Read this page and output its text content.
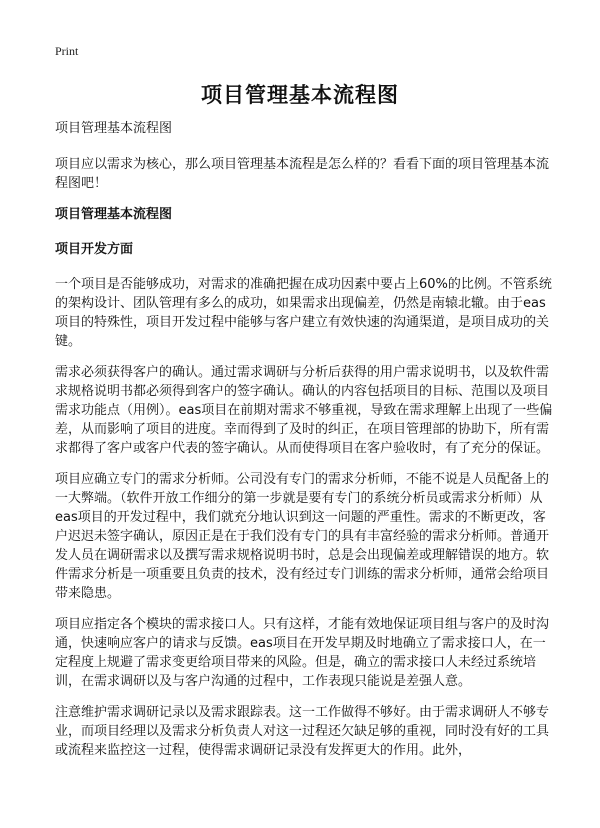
Print
项目管理基本流程图

项目管理基本流程图

项目应以需求为核心，那么项目管理基本流程是怎么样的？看看下面的项目管理基本流程图吧！

项目管理基本流程图
项目开发方面

一个项目是否能够成功，对需求的准确把握在成功因素中要占上60%的比例。不管系统的架构设计、团队管理有多么的成功，如果需求出现偏差，仍然是南辕北辙。由于eas项目的特殊性，项目开发过程中能够与客户建立有效快速的沟通渠道，是项目成功的关键。

需求必须获得客户的确认。通过需求调研与分析后获得的用户需求说明书，以及软件需求规格说明书都必须得到客户的签字确认。确认的内容包括项目的目标、范围以及项目需求功能点（用例）。eas项目在前期对需求不够重视，导致在需求理解上出现了一些偏差，从而影响了项目的进度。幸而得到了及时的纠正，在项目管理部的协助下，所有需求都得了客户或客户代表的签字确认。从而使得项目在客户验收时，有了充分的保证。

项目应确立专门的需求分析师。公司没有专门的需求分析师，不能不说是人员配备上的一大弊端。（软件开放工作细分的第一步就是要有专门的系统分析员或需求分析师）从eas项目的开发过程中，我们就充分地认识到这一问题的严重性。需求的不断更改，客户迟迟未签字确认，原因正是在于我们没有专门的具有丰富经验的需求分析师。普通开发人员在调研需求以及撰写需求规格说明书时，总是会出现偏差或理解错误的地方。软件需求分析是一项重要且负责的技术，没有经过专门训练的需求分析师，通常会给项目带来隐患。

项目应指定各个模块的需求接口人。只有这样，才能有效地保证项目组与客户的及时沟通，快速响应客户的请求与反馈。eas项目在开发早期及时地确立了需求接口人，在一定程度上规避了需求变更给项目带来的风险。但是，确立的需求接口人未经过系统培训，在需求调研以及与客户沟通的过程中，工作表现只能说是差强人意。

注意维护需求调研记录以及需求跟踪表。这一工作做得不够好。由于需求调研人不够专业，而项目经理以及需求分析负责人对这一过程还欠缺足够的重视，同时没有好的工具或流程来监控这一过程，使得需求调研记录没有发挥更大的作用。此外，
